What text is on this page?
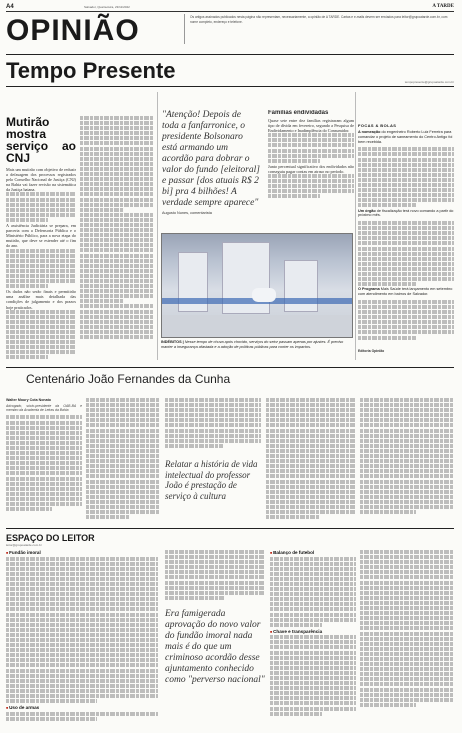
A4	Salvador, Quarta-feira, 23/11/2022	A TARDE
OPINIÃO	Os artigos assinados publicados nesta página não representam, necessariamente, a opinião de A TARDE. Cartas e e-mails devem ser enviados para leitor@grupoatarde.com.br, com nome completo, endereço e telefone.
Tempo Presente	tempopresente@grupoatarde.com.br
Mutirão mostra serviço ao CNJ

Mais um mutirão com objetivo de reduzir a defasagem dos processos registrados pelo Conselho Nacional de Justiça (CNJ) na Bahia vai fazer revisão na sistemática da Justiça baiana.

A assistência Judiciária se prepara, em parceria com a Defensoria Pública e o Ministério Público, para a nova etapa do mutirão, que deve se estender até o fim do ano.

Os dados não serão finais e permitirão uma análise mais detalhada das condições de julgamento e dos prazos hoje praticados.

"Atenção! Depois de toda a fanfarronice, o presidente Bolsonaro está armando um acordão para dobrar o valor do fundo [eleitoral] e passar [dos atuais R$ 2 bi] pra 4 bilhões! A verdade sempre aparece"
Augusto Nunes, comentarista
Famílias endividadas

Quase sete entre dez famílias registraram algum tipo de dívida em fevereiro, segundo a Pesquisa de Endividamento e Inadimplência do Consumidor.

Junto percentual significativo dos endividados não conseguiu pagar contas em atraso no período.

INDÉBITOS | Nesse tempo de chuva após chovido, serviços do setor passam apenas por ajustes. É preciso manter a insegurança afastada e a adoção de políticas públicas para conter os impactos.
FOCAS & BOLAS
A nomeação do engenheiro Roberto Luiz Ferreira para comandar o projeto de saneamento do Centro Antigo foi bem recebida.
Um órgão de fiscalização terá novo comando a partir do próximo mês.
O Programa Mais Saúde terá lançamento em setembro com atendimento em bairros de Salvador.
Editoria Opinião
Centenário João Fernandes da Cunha
Walter Moury Cota Nonato
Advogado, sócio-presidente da OAB-BA e membro da Academia de Letras da Bahia
Relatar a história de vida intelectual do professor João é prestação de serviço à cultura
ESPAÇO DO LEITOR
leitor@grupoatarde.com.br
■ Fundão imoral
■ Uso de armas
Era famigerada aprovação do novo valor do fundão imoral nada mais é do que um criminoso acordão desse ajuntamento conhecido como "perverso nacional"
■ Balanço de futebol
■ Chave e transparência
